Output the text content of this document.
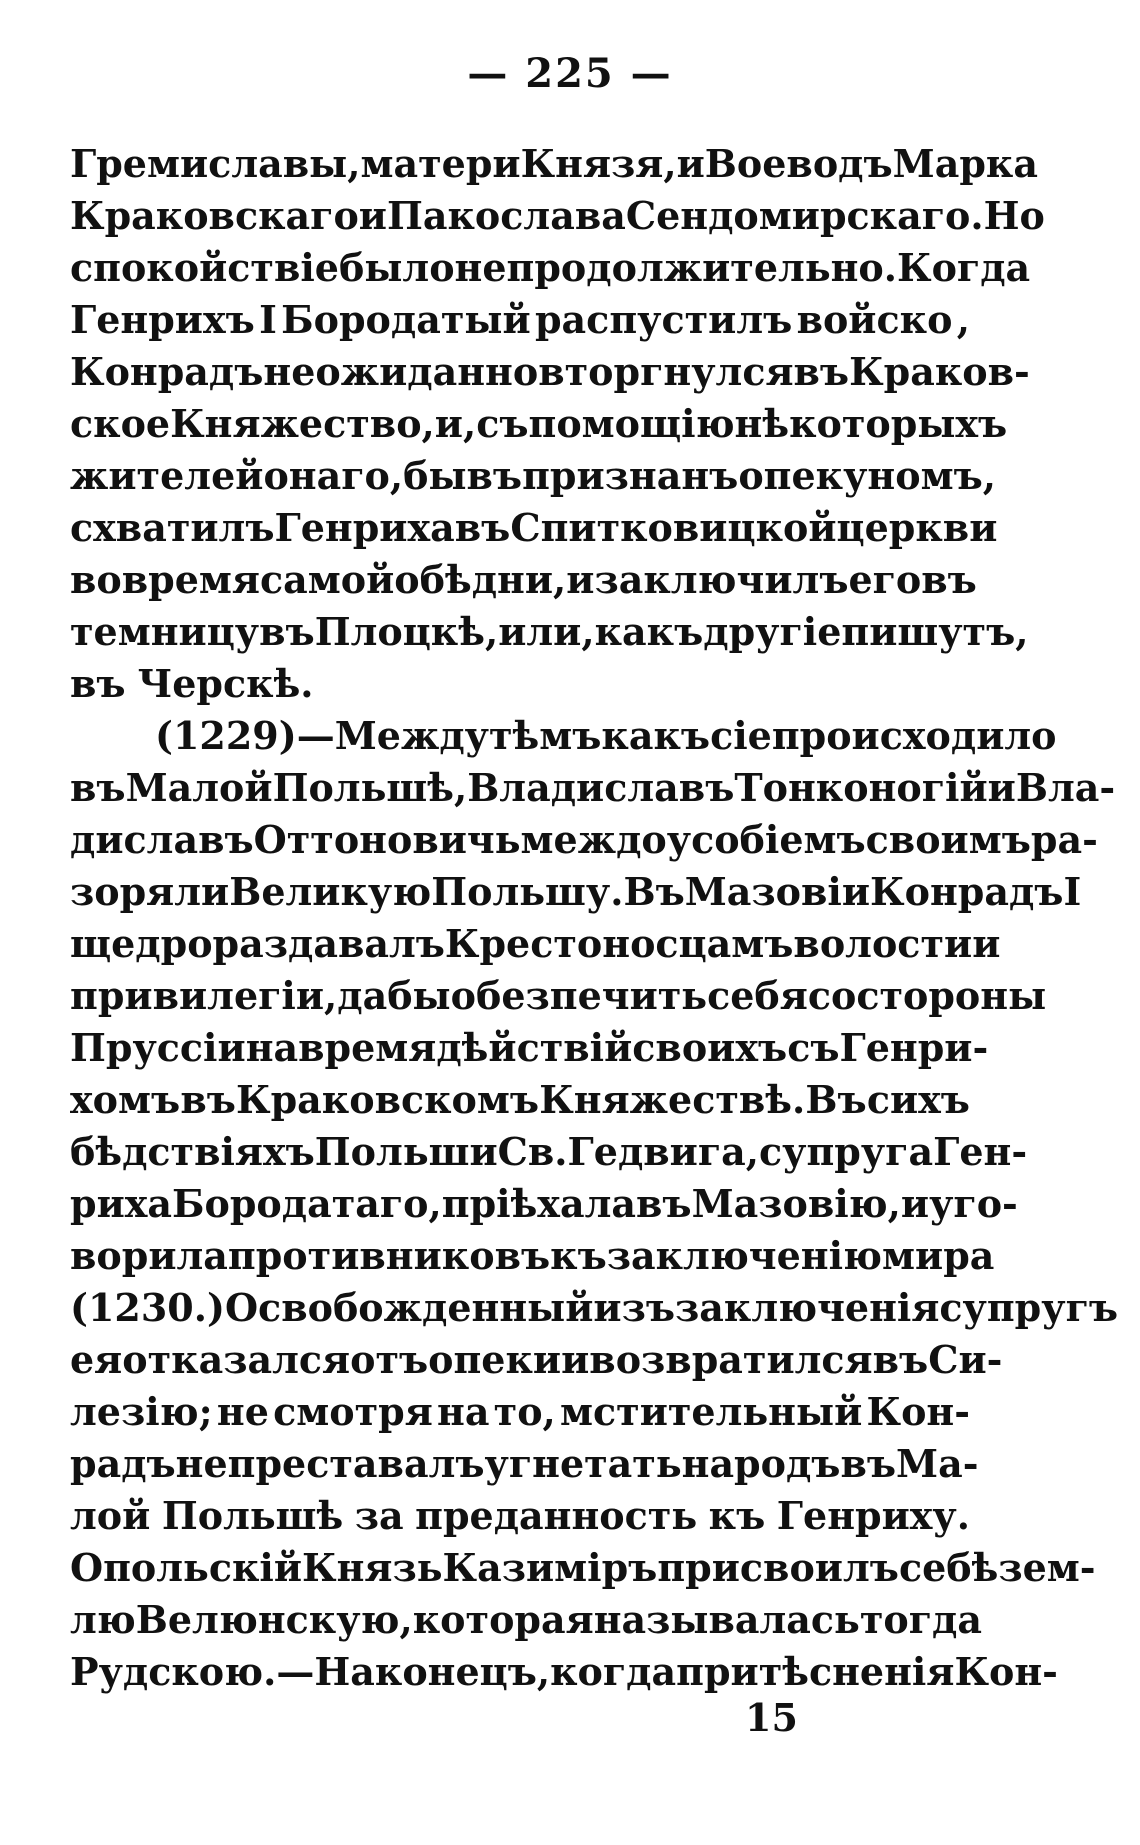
— 225 —
Гремиславы, матери Князя, и Воеводъ Марка
Краковскаго и Пакослава Сендомирскаго. Но
спокойствіе было не продолжительно. Когда
Генрихъ I Бородатый распустилъ войско ,
Конрадъ неожиданно вторгнулся въ Краков-
ское Княжество , и, съ помощію нѣкоторыхъ
жителей онаго, бывъ признанъ опекуномъ,
схватилъ Генриха въ Спитковицкой церкви
во время самой обѣдни, и заключилъ его въ
темницу въ Плоцкѣ, или, какъ другіе пишутъ,
въ Черскѣ.
(1229)—Между тѣмъ какъ сіе происходило
въ Малой Польшѣ, Владиславъ Тонконогій и Вла-
диславъ Оттоновичь междоусобіемъ своимъ ра-
зоряли Великую Польшу. Въ Мазовіи Конрадъ I
щедро раздавалъ Крестоносцамъ волости и
привилегіи, дабы обезпечить себя со стороны
Пруссіи на время дѣйствій своихъ съ Генри-
хомъ въ Краковскомъ Княжествѣ. Въ сихъ
бѣдствіяхъ Польши Св. Гедвига, супруга Ген-
риха Бородатаго, пріѣхала въ Мазовію, и уго-
ворила противниковъ къ заключенію мира
(1230.) Освобожденный изъ заключенія супругъ
ея отказался отъ опеки и возвратился въ Си-
лезію; не смотря на то, мстительный Кон-
радъ не преставалъ угнетать народъ въ Ма-
лой Польшѣ за преданность къ Генриху.
Опольскій Князь Казиміръ присвоилъ себѣ зем-
лю Велюнскую, которая называлась тогда
Рудскою.—Наконецъ, когда притѣсненія Кон-
15
